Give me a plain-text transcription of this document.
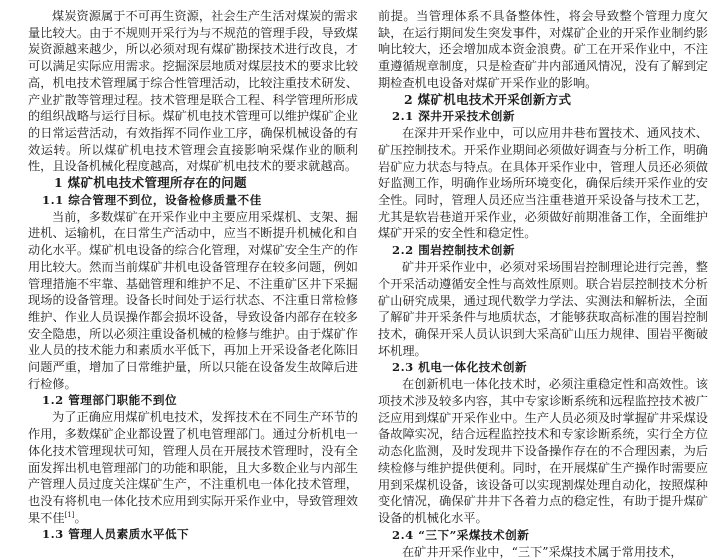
煤炭资源属于不可再生资源，社会生产生活对煤炭的需求量比较大。由于不规则开采行为与不规范的管理手段，导致煤炭资源越来越少，所以必须对现有煤矿勘探技术进行改良，才可以满足实际应用需求。挖掘深层地质对煤层技术的要求比较高，机电技术管理属于综合性管理活动，比较注重技术研发、产业扩散等管理过程。技术管理是联合工程、科学管理所形成的组织战略与运行目标。煤矿机电技术管理可以维护煤矿企业的日常运营活动，有效指挥不同作业工序，确保机械设备的有效运转。所以煤矿机电技术管理会直接影响采煤作业的顺利性，且设备机械化程度越高，对煤矿机电技术的要求就越高。

1 煤矿机电技术管理所存在的问题
1.1 综合管理不到位，设备检修质量不佳

当前，多数煤矿在开采作业中主要应用采煤机、支架、掘进机、运输机，在日常生产活动中，应当不断提升机械化和自动化水平。煤矿机电设备的综合化管理，对煤矿安全生产的作用比较大。然而当前煤矿井机电设备管理存在较多问题，例如管理措施不牢靠、基础管理和维护不足、不注重矿区井下采掘现场的设备管理。设备长时间处于运行状态、不注重日常检修维护、作业人员误操作都会损坏设备，导致设备内部存在较多安全隐患，所以必须注重设备机械的检修与维护。由于煤矿作业人员的技术能力和素质水平低下，再加上开采设备老化陈旧问题严重，增加了日常维护量，所以只能在设备发生故障后进行检修。

1.2 管理部门职能不到位

为了正确应用煤矿机电技术，发挥技术在不同生产环节的作用，多数煤矿企业都设置了机电管理部门。通过分析机电一体化技术管理现状可知，管理人员在开展技术管理时，没有全面发挥出机电管理部门的功能和职能，且大多数企业与内部生产管理人员过度关注煤矿生产，不注重机电一体化技术管理，也没有将机电一体化技术应用到实际开采作业中，导致管理效果不佳[1]。

1.3 管理人员素质水平低下

前提。当管理体系不具备整体性，将会导致整个管理力度欠缺，在运行期间发生突发事件，对煤矿企业的开采作业制约影响比较大，还会增加成本资金浪费。矿工在开采作业中，不注重遵循规章制度，只是检查矿井内部通风情况，没有了解到定期检查机电设备对煤矿开采作业的影响。

2 煤矿机电技术开采创新方式
2.1 深井开采技术创新

在深井开采作业中，可以应用井巷布置技术、通风技术、矿压控制技术。开采作业期间必须做好调查与分析工作，明确岩矿应力状态与特点。在具体开采作业中，管理人员还必须做好监测工作，明确作业场所环境变化，确保后续开采作业的安全性。同时，管理人员还应当注重巷道开采设备与技术工艺，尤其是软岩巷道开采作业，必须做好前期准备工作，全面维护煤矿开采的安全性和稳定性。

2.2 围岩控制技术创新

矿井开采作业中，必须对采场围岩控制理论进行完善，整个开采活动遵循安全性与高效性原则。联合岩层控制技术分析矿山研究成果，通过现代数学力学法、实测法和解析法，全面了解矿井开采条件与地质状态，才能够获取高标准的围岩控制技术，确保开采人员认识到大采高矿山压力规律、围岩平衡破坏机理。

2.3 机电一体化技术创新

在创新机电一体化技术时，必须注重稳定性和高效性。该项技术涉及较多内容，其中专家诊断系统和远程监控技术被广泛应用到煤矿开采作业中。生产人员必须及时掌握矿井采煤设备故障实况，结合远程监控技术和专家诊断系统，实行全方位动态化监测，及时发现井下设备操作存在的不合理因素，为后续检修与维护提供便利。同时，在开展煤矿生产操作时需要应用到采煤机设备，该设备可以实现割煤处理自动化，按照煤种变化情况，确保矿井井下各着力点的稳定性，有助于提升煤矿设备的机械化水平。

2.4 “三下”采煤技术创新

在矿井开采作业中，“三下”采煤技术属于常用技术，
